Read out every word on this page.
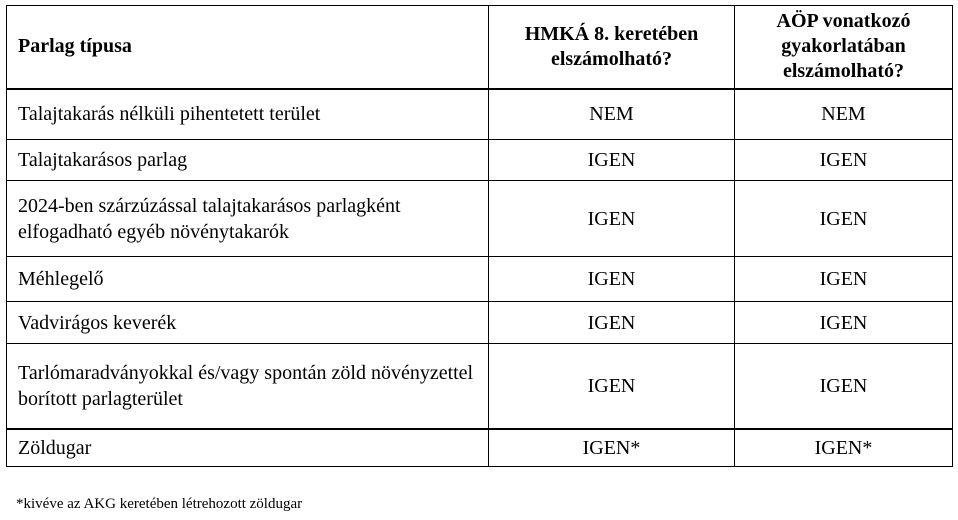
Parlag típusa	HMKÁ 8. keretében elszámolható?	AÖP vonatkozó gyakorlatában elszámolható?
Talajtakarás nélküli pihentetett terület	NEM	NEM
Talajtakarásos parlag	IGEN	IGEN
2024-ben szárzúzással talajtakarásos parlagként elfogadható egyéb növénytakarók	IGEN	IGEN
Méhlegelő	IGEN	IGEN
Vadvirágos keverék	IGEN	IGEN
Tarlómaradványokkal és/vagy spontán zöld növényzettel borított parlagterület	IGEN	IGEN
Zöldugar	IGEN*	IGEN*
*kivéve az AKG keretében létrehozott zöldugar
